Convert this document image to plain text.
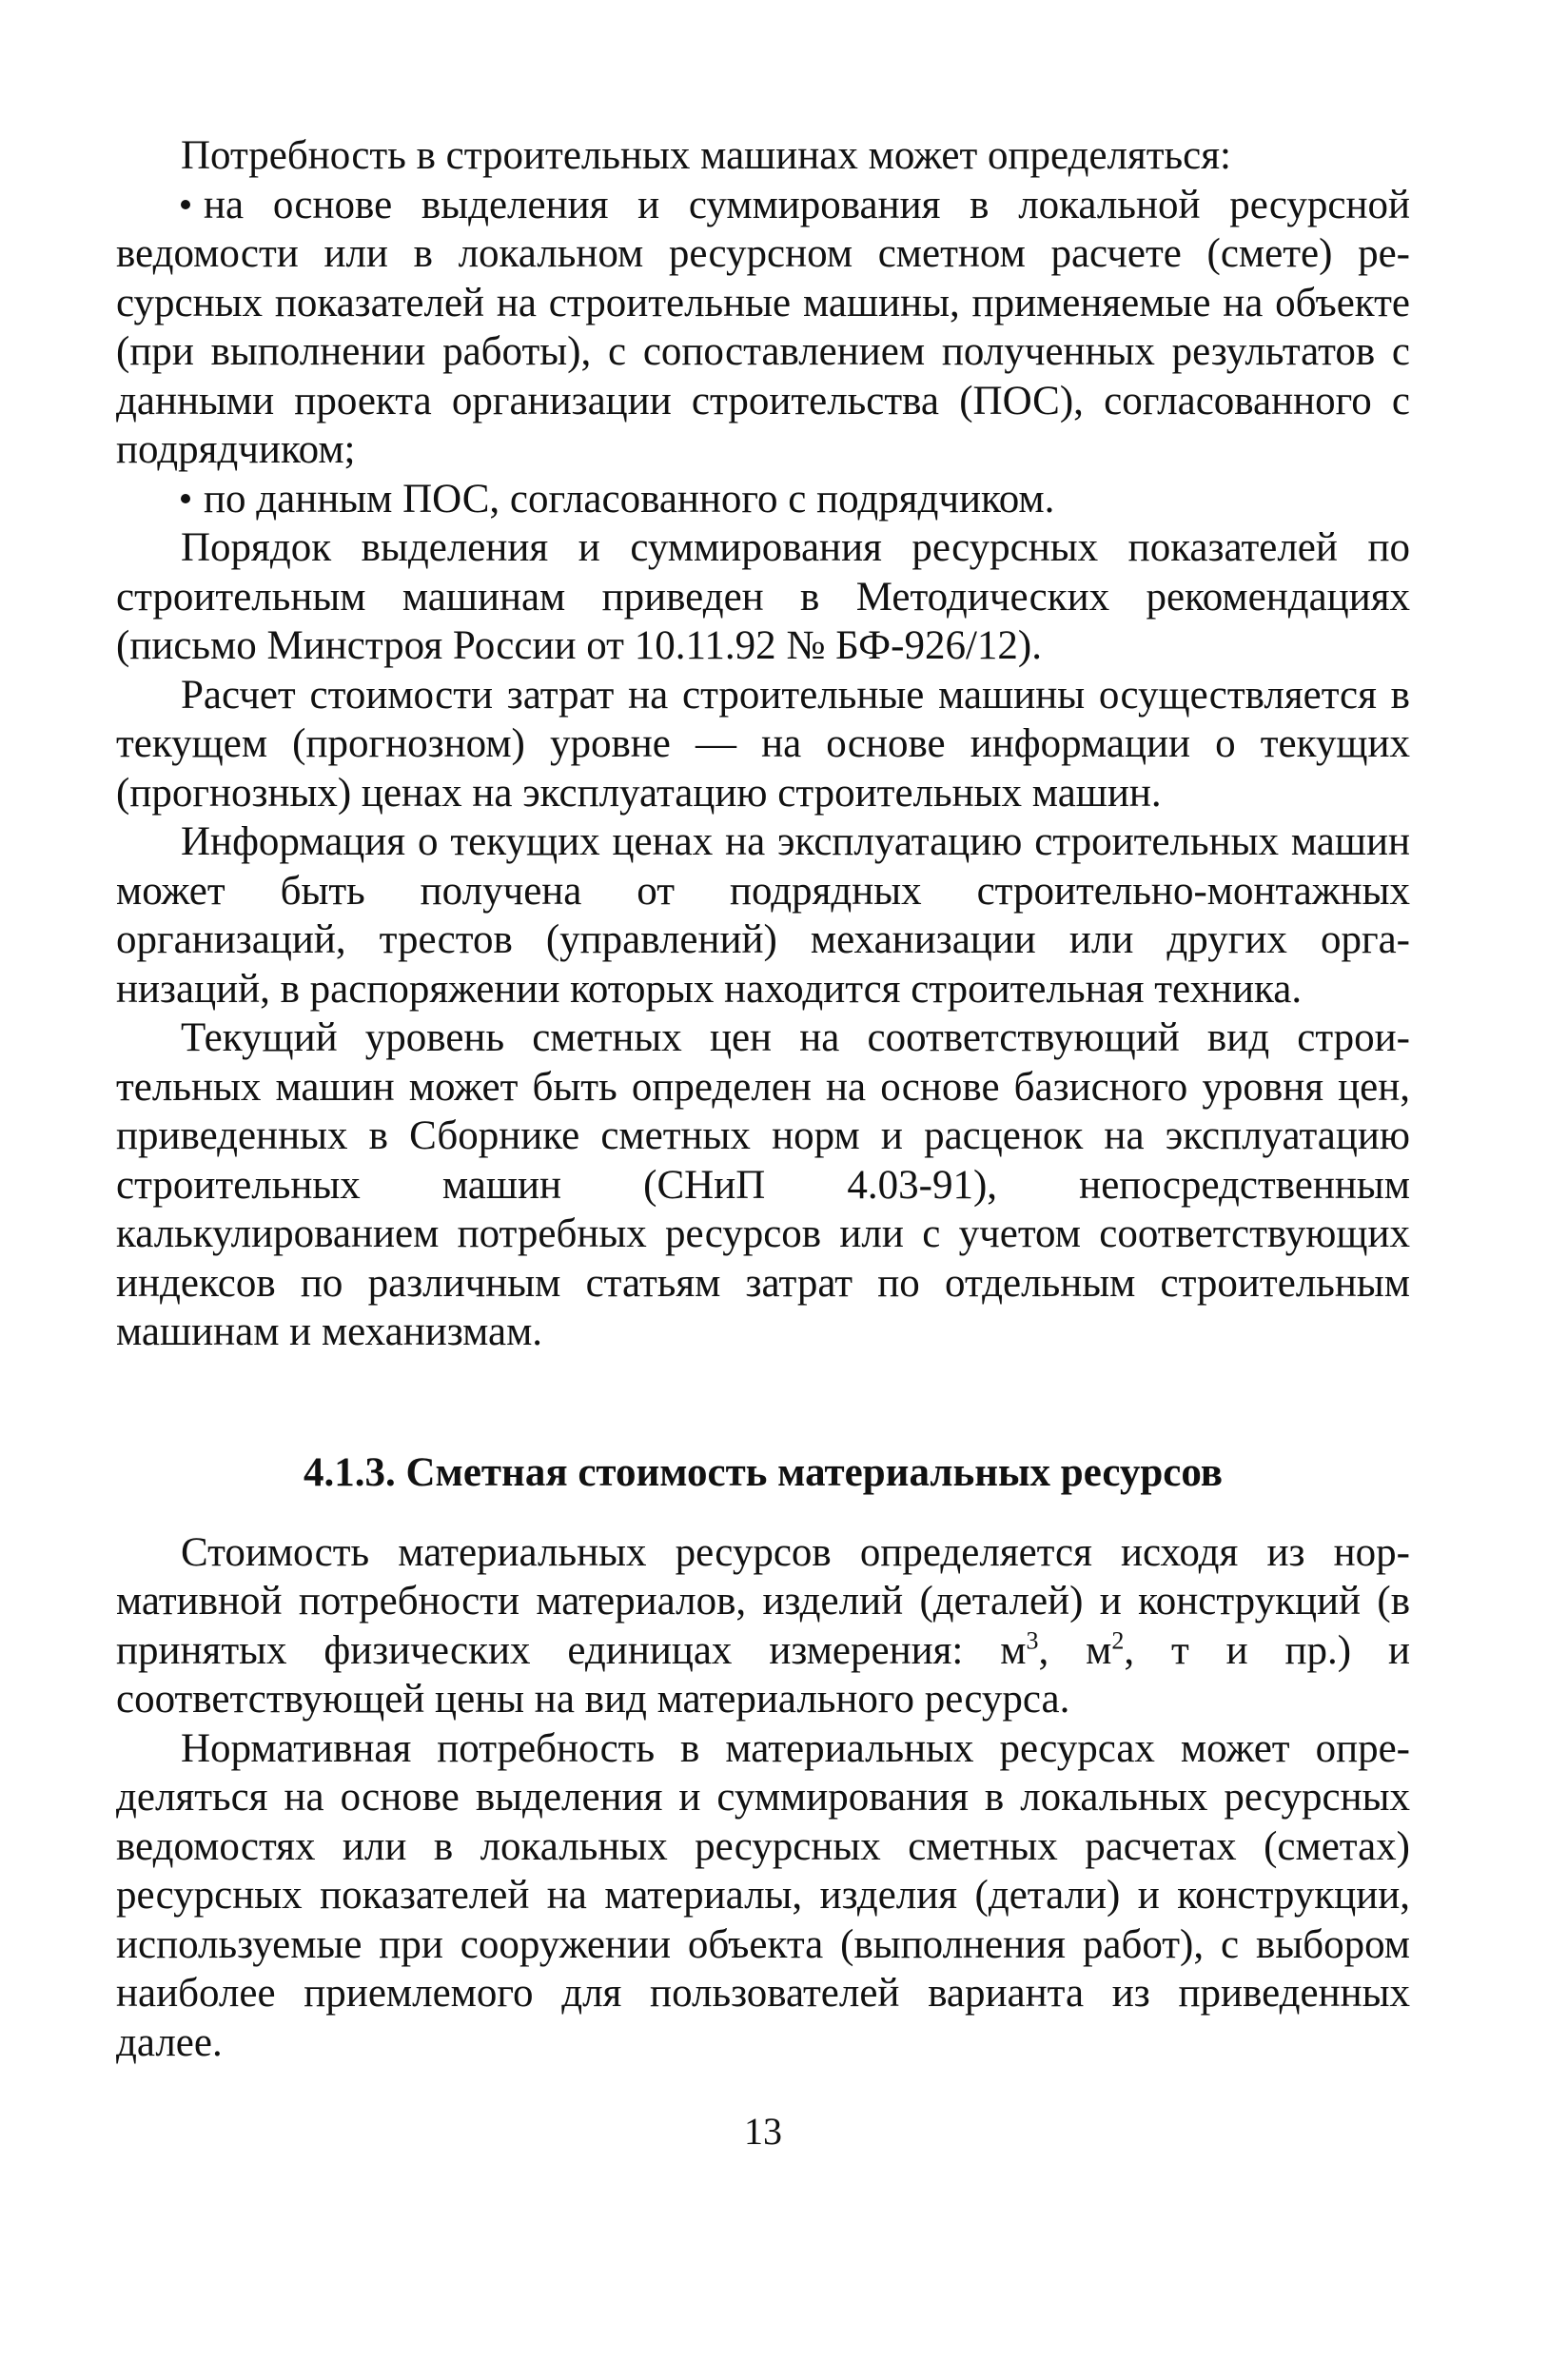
Потребность в строительных машинах может определяться:

на основе выделения и суммирования в локальной ресурсной ведомости или в локальном ресурсном сметном расчете (смете) ресурсных показателей на строительные машины, применяемые на объекте (при выполнении работы), с сопоставлением полученных результатов с данными проекта организации строительства (ПОС), согласованного с подрядчиком;

по данным ПОС, согласованного с подрядчиком.

Порядок выделения и суммирования ресурсных показателей по строительным машинам приведен в Методических рекомендациях (письмо Минстроя России от 10.11.92 № БФ-926/12).

Расчет стоимости затрат на строительные машины осуществляется в текущем (прогнозном) уровне — на основе информации о текущих (прогнозных) ценах на эксплуатацию строительных машин.

Информация о текущих ценах на эксплуатацию строительных машин может быть получена от подрядных строительно-монтажных организаций, трестов (управлений) механизации или других организаций, в распоряжении которых находится строительная техника.

Текущий уровень сметных цен на соответствующий вид строительных машин может быть определен на основе базисного уровня цен, приведенных в Сборнике сметных норм и расценок на эксплуатацию строительных машин (СНиП 4.03-91), непосредственным калькулированием потребных ресурсов или с учетом соответствующих индексов по различным статьям затрат по отдельным строительным машинам и механизмам.

4.1.3. Сметная стоимость материальных ресурсов

Стоимость материальных ресурсов определяется исходя из нормативной потребности материалов, изделий (деталей) и конструкций (в принятых физических единицах измерения: $м^3$, $м^2$, т и пр.) и соответствующей цены на вид материального ресурса.

Нормативная потребность в материальных ресурсах может определяться на основе выделения и суммирования в локальных ресурсных ведомостях или в локальных ресурсных сметных расчетах (сметах) ресурсных показателей на материалы, изделия (детали) и конструкции, используемые при сооружении объекта (выполнения работ), с выбором наиболее приемлемого для пользователей варианта из приведенных далее.

13
